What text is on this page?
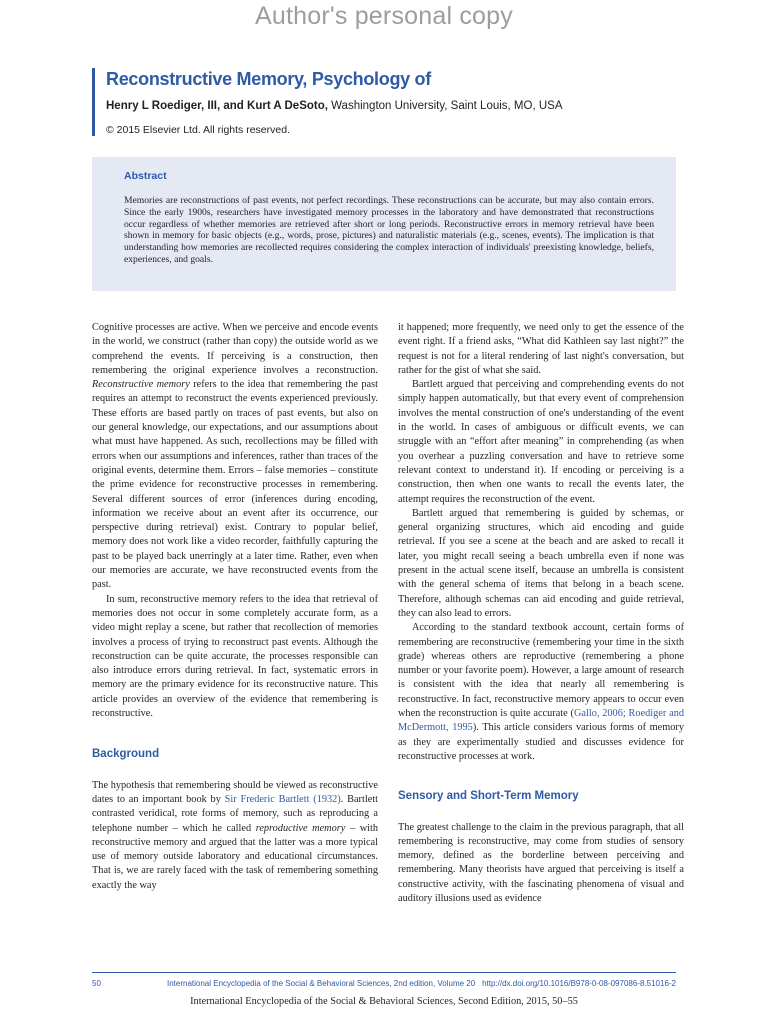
Author's personal copy
Reconstructive Memory, Psychology of
Henry L Roediger, III, and Kurt A DeSoto, Washington University, Saint Louis, MO, USA
© 2015 Elsevier Ltd. All rights reserved.
Abstract

Memories are reconstructions of past events, not perfect recordings. These reconstructions can be accurate, but may also contain errors. Since the early 1900s, researchers have investigated memory processes in the laboratory and have demonstrated that reconstructions occur regardless of whether memories are retrieved after short or long periods. Reconstructive errors in memory retrieval have been shown in memory for basic objects (e.g., words, prose, pictures) and naturalistic materials (e.g., scenes, events). The implication is that understanding how memories are recollected requires considering the complex interaction of individuals' preexisting knowledge, beliefs, experiences, and goals.

Cognitive processes are active. When we perceive and encode events in the world, we construct (rather than copy) the outside world as we comprehend the events. If perceiving is a construction, then remembering the original experience involves a reconstruction. Reconstructive memory refers to the idea that remembering the past requires an attempt to reconstruct the events experienced previously. These efforts are based partly on traces of past events, but also on our general knowledge, our expectations, and our assumptions about what must have happened. As such, recollections may be filled with errors when our assumptions and inferences, rather than traces of the original events, determine them. Errors – false memories – constitute the prime evidence for reconstructive processes in remembering. Several different sources of error (inferences during encoding, information we receive about an event after its occurrence, our perspective during retrieval) exist. Contrary to popular belief, memory does not work like a video recorder, faithfully capturing the past to be played back unerringly at a later time. Rather, even when our memories are accurate, we have reconstructed events from the past.

In sum, reconstructive memory refers to the idea that retrieval of memories does not occur in some completely accurate form, as a video might replay a scene, but rather that recollection of memories involves a process of trying to reconstruct past events. Although the reconstruction can be quite accurate, the processes responsible can also introduce errors during retrieval. In fact, systematic errors in memory are the primary evidence for its reconstructive nature. This article provides an overview of the evidence that remembering is reconstructive.

Background

The hypothesis that remembering should be viewed as reconstructive dates to an important book by Sir Frederic Bartlett (1932). Bartlett contrasted veridical, rote forms of memory, such as reproducing a telephone number – which he called reproductive memory – with reconstructive memory and argued that the latter was a more typical use of memory outside laboratory and educational circumstances. That is, we are rarely faced with the task of remembering something exactly the way

it happened; more frequently, we need only to get the essence of the event right. If a friend asks, “What did Kathleen say last night?” the request is not for a literal rendering of last night's conversation, but rather for the gist of what she said.

Bartlett argued that perceiving and comprehending events do not simply happen automatically, but that every event of comprehension involves the mental construction of one's understanding of the event in the world. In cases of ambiguous or difficult events, we can struggle with an “effort after meaning” in comprehending (as when you overhear a puzzling conversation and have to retrieve some relevant context to understand it). If encoding or perceiving is a construction, then when one wants to recall the events later, the attempt requires the reconstruction of the event.

Bartlett argued that remembering is guided by schemas, or general organizing structures, which aid encoding and guide retrieval. If you see a scene at the beach and are asked to recall it later, you might recall seeing a beach umbrella even if none was present in the actual scene itself, because an umbrella is consistent with the general schema of items that belong in a beach scene. Therefore, although schemas can aid encoding and guide retrieval, they can also lead to errors.

According to the standard textbook account, certain forms of remembering are reconstructive (remembering your time in the sixth grade) whereas others are reproductive (remembering a phone number or your favorite poem). However, a large amount of research is consistent with the idea that nearly all remembering is reconstructive. In fact, reconstructive memory appears to occur even when the reconstruction is quite accurate (Gallo, 2006; Roediger and McDermott, 1995). This article considers various forms of memory as they are experimentally studied and discusses evidence for reconstructive processes at work.

Sensory and Short-Term Memory

The greatest challenge to the claim in the previous paragraph, that all remembering is reconstructive, may come from studies of sensory memory, defined as the borderline between perceiving and remembering. Many theorists have argued that perceiving is itself a constructive activity, with the fascinating phenomena of visual and auditory illusions used as evidence

50	International Encyclopedia of the Social & Behavioral Sciences, 2nd edition, Volume 20 http://dx.doi.org/10.1016/B978-0-08-097086-8.51016-2
International Encyclopedia of the Social & Behavioral Sciences, Second Edition, 2015, 50–55
